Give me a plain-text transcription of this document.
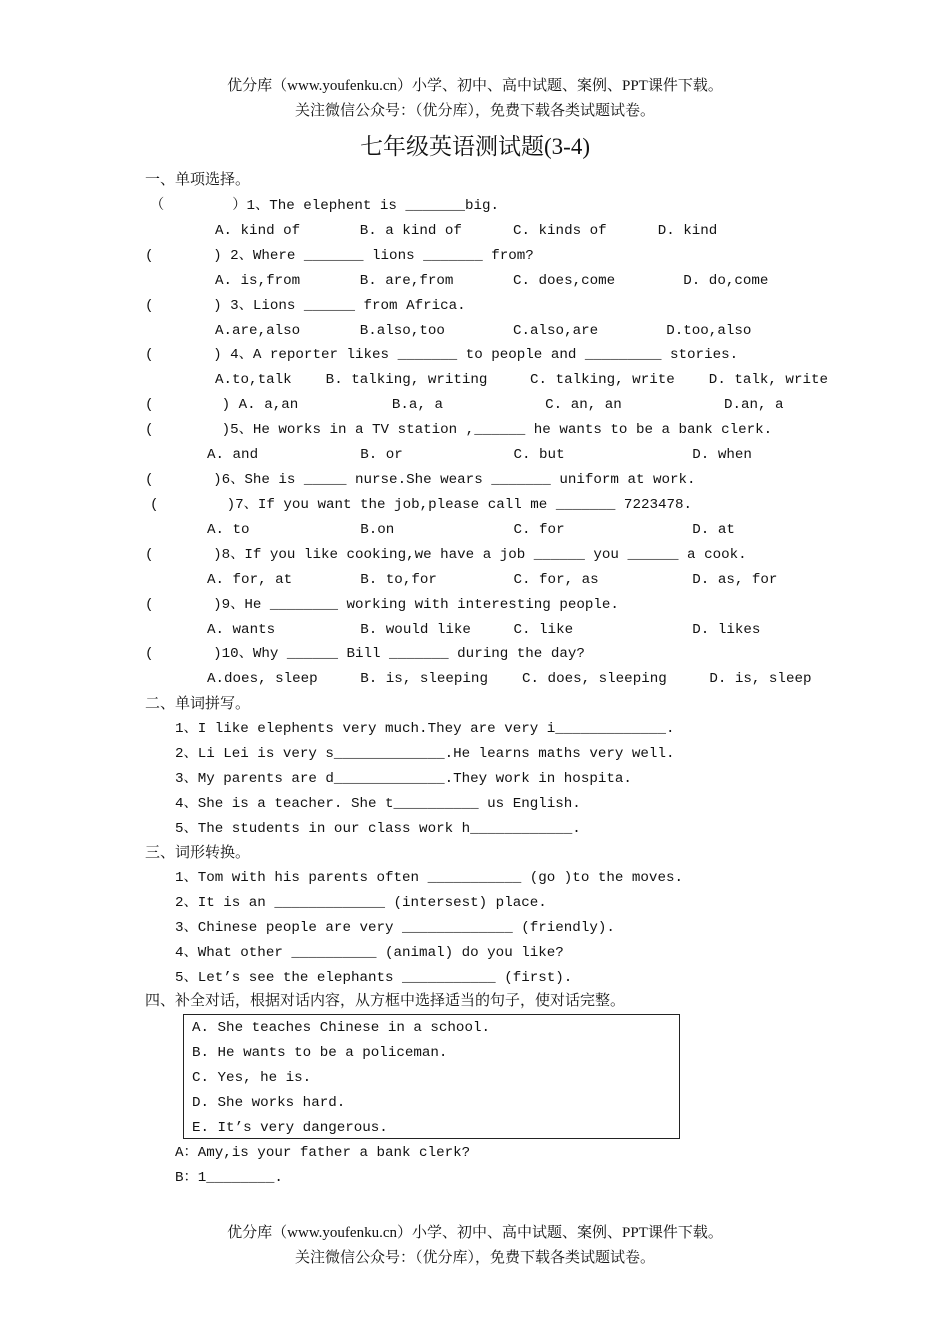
优分库（www.youfenku.cn）小学、初中、高中试题、案例、PPT课件下载。
关注微信公众号：（优分库），免费下载各类试题试卷。
七年级英语测试题(3-4)
一、单项选择。
（        ）1、The elephent is _______big.
A. kind of       B. a kind of      C. kinds of      D. kind
(       ) 2、Where _______ lions _______ from?
A. is,from       B. are,from       C. does,come        D. do,come
(       ) 3、Lions ______ from Africa.
A.are,also       B.also,too        C.also,are        D.too,also
(       ) 4、A reporter likes _______ to people and _________ stories.
A.to,talk    B. talking, writing     C. talking, write    D. talk, write
(        ) A. a,an           B.a, a            C. an, an            D.an, a
(        )5、He works in a TV station ,______ he wants to be a bank clerk.
A. and            B. or             C. but               D. when
(       )6、She is _____ nurse.She wears _______ uniform at work.
(        )7、If you want the job,please call me _______ 7223478.
A. to             B.on              C. for               D. at
(       )8、If you like cooking,we have a job ______ you ______ a cook.
A. for, at        B. to,for         C. for, as           D. as, for
(       )9、He ________ working with interesting people.
A. wants          B. would like     C. like              D. likes
(       )10、Why ______ Bill _______ during the day?
A.does, sleep     B. is, sleeping    C. does, sleeping     D. is, sleep
二、单词拼写。
1、I like elephents very much.They are very i_____________.
2、Li Lei is very s_____________.He learns maths very well.
3、My parents are d_____________.They work in hospita.
4、She is a teacher. She t__________ us English.
5、The students in our class work h____________.
三、词形转换。
1、Tom with his parents often ___________ (go )to the moves.
2、It is an _____________ (intersest) place.
3、Chinese people are very _____________ (friendly).
4、What other __________ (animal) do you like?
5、Let’s see the elephants ___________ (first).
四、补全对话，根据对话内容，从方框中选择适当的句子，使对话完整。
A. She teaches Chinese in a school.
B. He wants to be a policeman.
C. Yes, he is.
D. She works hard.
E. It’s very dangerous.
A：Amy,is your father a bank clerk?
B：1________.
优分库（www.youfenku.cn）小学、初中、高中试题、案例、PPT课件下载。
关注微信公众号：（优分库），免费下载各类试题试卷。
